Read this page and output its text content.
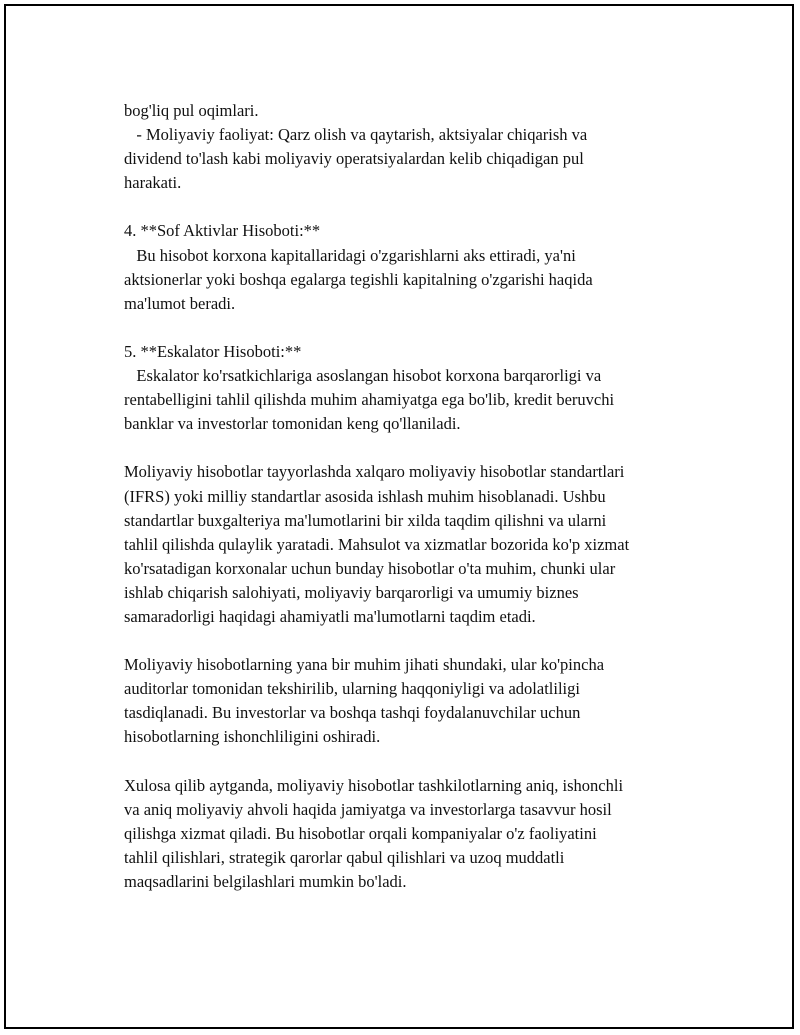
bog'liq pul oqimlari.
- Moliyaviy faoliyat: Qarz olish va qaytarish, aktsiyalar chiqarish va
dividend to'lash kabi moliyaviy operatsiyalardan kelib chiqadigan pul
harakati.
4. **Sof Aktivlar Hisoboti:**
Bu hisobot korxona kapitallaridagi o'zgarishlarni aks ettiradi, ya'ni
aktsionerlar yoki boshqa egalarga tegishli kapitalning o'zgarishi haqida
ma'lumot beradi.
5. **Eskalator Hisoboti:**
Eskalator ko'rsatkichlariga asoslangan hisobot korxona barqarorligi va
rentabelligini tahlil qilishda muhim ahamiyatga ega bo'lib, kredit beruvchi
banklar va investorlar tomonidan keng qo'llaniladi.
Moliyaviy hisobotlar tayyorlashda xalqaro moliyaviy hisobotlar standartlari
(IFRS) yoki milliy standartlar asosida ishlash muhim hisoblanadi. Ushbu
standartlar buxgalteriya ma'lumotlarini bir xilda taqdim qilishni va ularni
tahlil qilishda qulaylik yaratadi. Mahsulot va xizmatlar bozorida ko'p xizmat
ko'rsatadigan korxonalar uchun bunday hisobotlar o'ta muhim, chunki ular
ishlab chiqarish salohiyati, moliyaviy barqarorligi va umumiy biznes
samaradorligi haqidagi ahamiyatli ma'lumotlarni taqdim etadi.
Moliyaviy hisobotlarning yana bir muhim jihati shundaki, ular ko'pincha
auditorlar tomonidan tekshirilib, ularning haqqoniyligi va adolatliligi
tasdiqlanadi. Bu investorlar va boshqa tashqi foydalanuvchilar uchun
hisobotlarning ishonchliligini oshiradi.
Xulosa qilib aytganda, moliyaviy hisobotlar tashkilotlarning aniq, ishonchli
va aniq moliyaviy ahvoli haqida jamiyatga va investorlarga tasavvur hosil
qilishga xizmat qiladi. Bu hisobotlar orqali kompaniyalar o'z faoliyatini
tahlil qilishlari, strategik qarorlar qabul qilishlari va uzoq muddatli
maqsadlarini belgilashlari mumkin bo'ladi.
